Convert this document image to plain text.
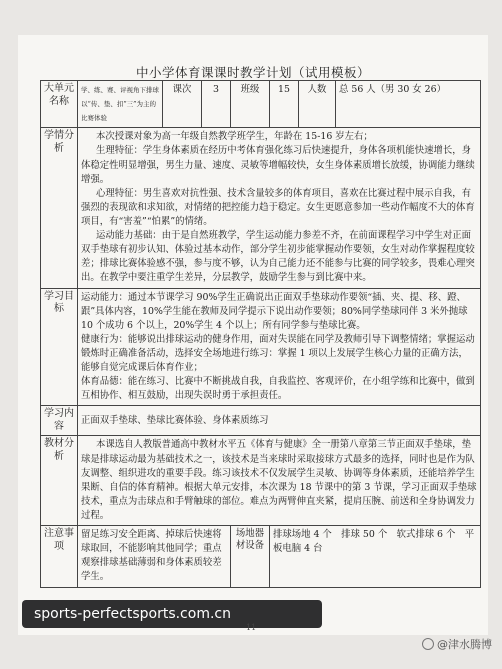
中小学体育课课时教学计划（试用模板）
大单元名称	学、练、赛、评视角下排球以“传、垫、扣”三”为主的比赛体验	课次	3	班级	15	人数	总 56 人（男 30 女 26）
学情分析	本次授课对象为高一年级自然教学班学生，年龄在 15-16 岁左右；

生理特征：学生身体素质在经历中考体育强化练习后快速提升，身体各项机能快速增长，身体稳定性明显增强，男生力量、速度、灵敏等增幅较快，女生身体素质增长放缓，协调能力继续增强。

心理特征：男生喜欢对抗性强、技术含量较多的体育项目，喜欢在比赛过程中展示自我，有强烈的表现欲和求知欲，对情绪的把控能力趋于稳定。女生更愿意参加一些动作幅度不大的体育项目，有“害羞”“怕累”的情绪。

运动能力基础：由于是自然班教学，学生运动能力参差不齐，在前面课程学习中学生对正面双手垫球有初步认知、体验过基本动作，部分学生初步能掌握动作要领，女生对动作掌握程度较差；排球比赛体验感不强，参与度不够，认为自己能力还不能参与比赛的同学较多，畏难心理突出。在教学中要注重学生差异，分层教学，鼓励学生参与到比赛中来。						

学习目标	运动能力：通过本节课学习 90%学生正确说出正面双手垫球动作要领“插、夹、提、移、蹬、跟”具体内容，10%学生能在教师及同学提示下说出动作要领；80%同学垫球同伴 3 米外抛球 10 个成功 6 个以上，20%学生 4 个以上；所有同学参与垫球比赛。

健康行为：能够说出排球运动的健身作用，面对失误能在同学及教师引导下调整情绪；掌握运动锻炼时正确准备活动，选择安全场地进行练习：掌握 1 项以上发展学生核心力量的正确方法，能够自觉完成课后体育作业；

体育品德：能在练习、比赛中不断挑战自我，自我监控、客观评价，在小组学练和比赛中，做到互相协作、相互鼓励，出现失误时勇于承担责任。						

学习内容	正面双手垫球、垫球比赛体验、身体素质练习						

教材分析	本课选自人教版普通高中教材水平五《体育与健康》全一册第八章第三节正面双手垫球，垫球是排球运动最为基础技术之一，该技术是当来球时采取接球方式最多的选择，同时也是作为队友调整、组织进攻的重要手段。练习该技术不仅发展学生灵敏、协调等身体素质，还能培养学生果断、自信的体育精神。根据大单元安排，本次课为 18 节课中的第 3 节课，学习正面双手垫球技术，重点为击球点和手臂触球的部位。难点为两臂伸直夹紧，提肩压腕、前送和全身协调发力过程。						

注意事项	留足练习安全距离、掉球后快速将球取回，不能影响其他同学；重点观察排球基础薄弱和身体素质较差学生。			场地器材设备	排球场地 4 个　排球 50 个　软式排球 6 个　平板电脑 4 台		
sports-perfectsports.com.cn
11
@津水腾博
